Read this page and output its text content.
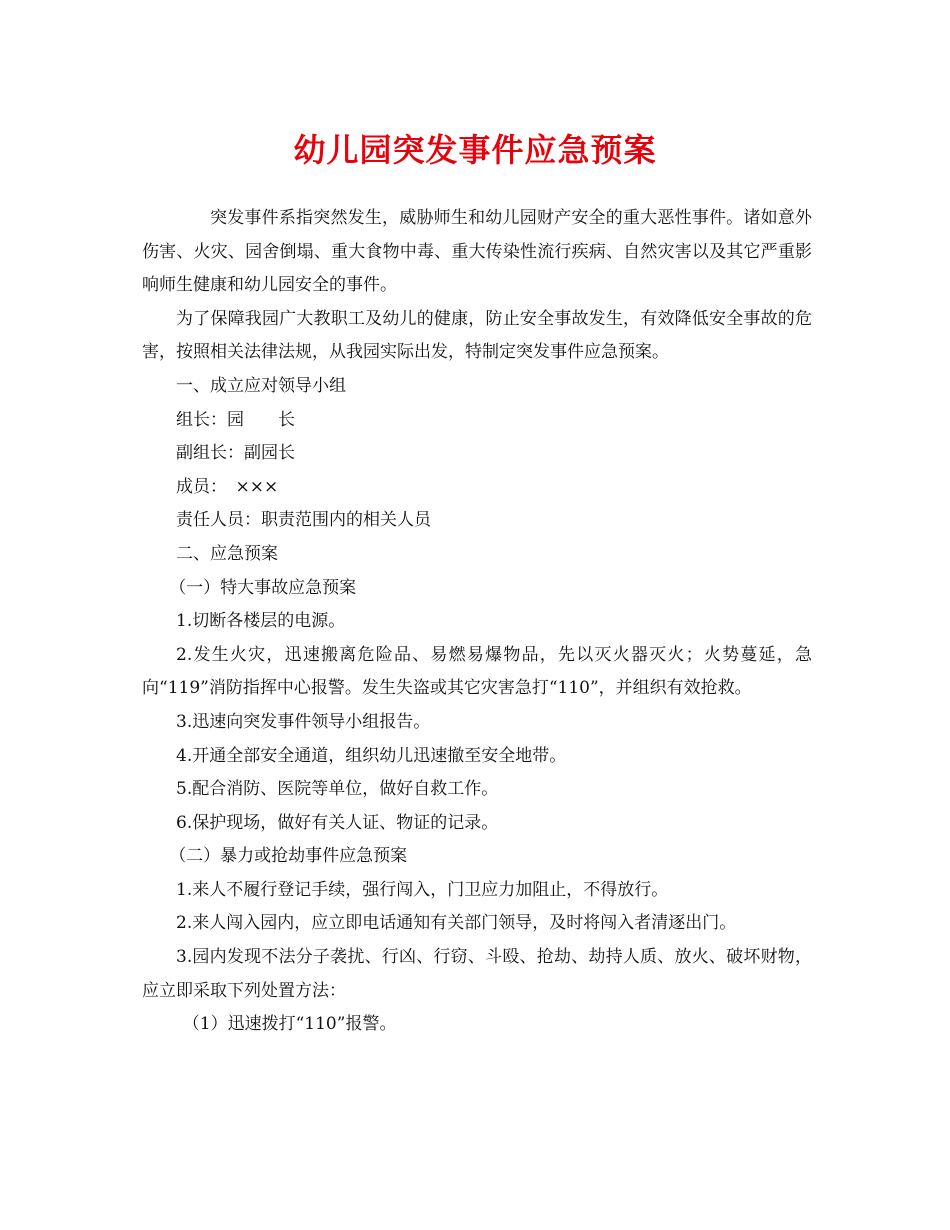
幼儿园突发事件应急预案

突发事件系指突然发生，威胁师生和幼儿园财产安全的重大恶性事件。诸如意外伤害、火灾、园舍倒塌、重大食物中毒、重大传染性流行疾病、自然灾害以及其它严重影响师生健康和幼儿园安全的事件。

为了保障我园广大教职工及幼儿的健康，防止安全事故发生，有效降低安全事故的危害，按照相关法律法规，从我园实际出发，特制定突发事件应急预案。

一、成立应对领导小组

组长：园　　长

副组长：副园长

成员：　×××

责任人员：职责范围内的相关人员

二、应急预案

（一）特大事故应急预案

1.切断各楼层的电源。

2.发生火灾，迅速搬离危险品、易燃易爆物品，先以灭火器灭火；火势蔓延，急向“119”消防指挥中心报警。发生失盗或其它灾害急打“110”，并组织有效抢救。

3.迅速向突发事件领导小组报告。

4.开通全部安全通道，组织幼儿迅速撤至安全地带。

5.配合消防、医院等单位，做好自救工作。

6.保护现场，做好有关人证、物证的记录。

（二）暴力或抢劫事件应急预案

1.来人不履行登记手续，强行闯入，门卫应力加阻止，不得放行。

2.来人闯入园内，应立即电话通知有关部门领导，及时将闯入者清逐出门。

3.园内发现不法分子袭扰、行凶、行窃、斗殴、抢劫、劫持人质、放火、破坏财物，应立即采取下列处置方法：

（1）迅速拨打“110”报警。
